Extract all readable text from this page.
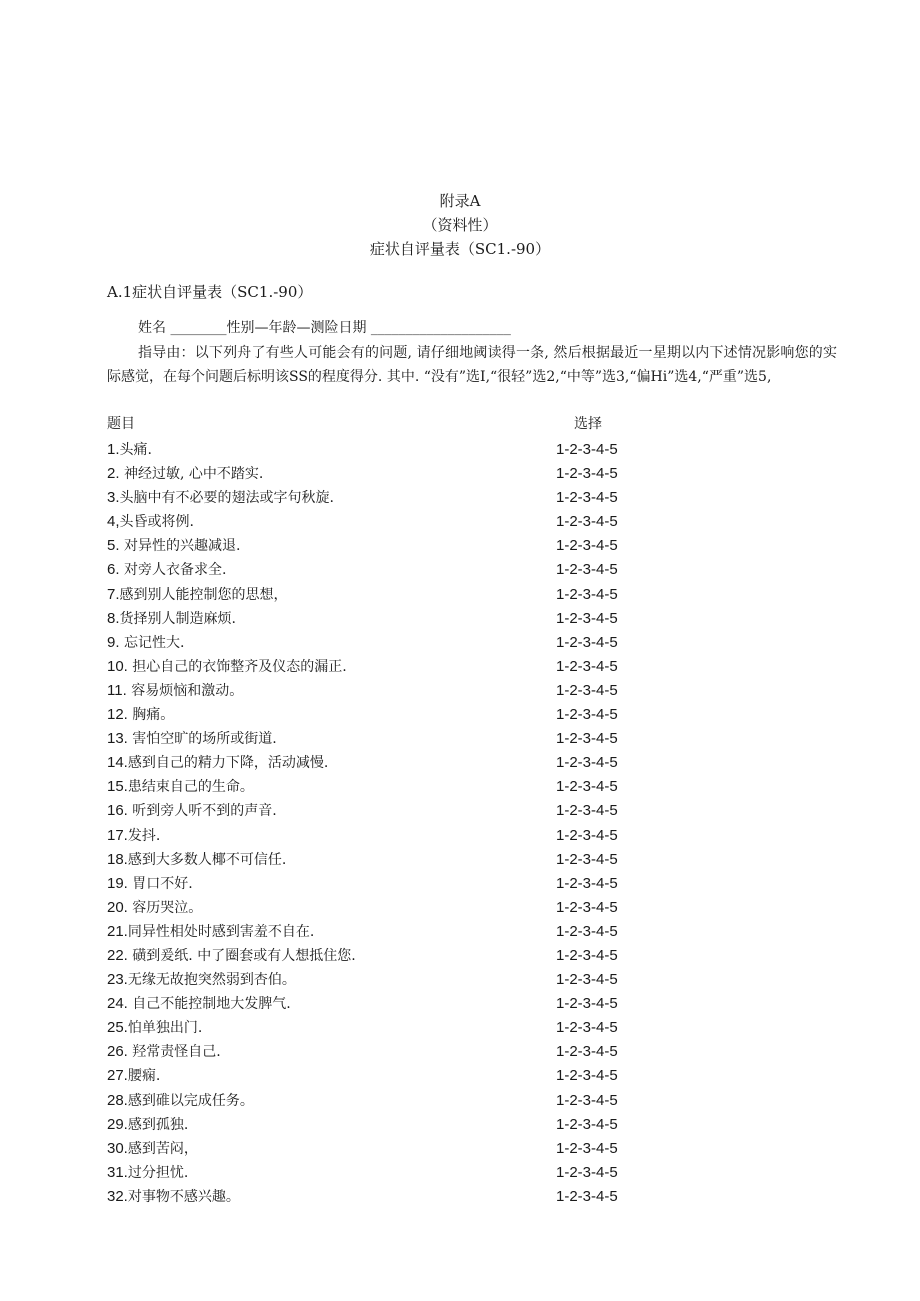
附录A
（资料性）
症状自评量表（SC1.-90）
A.1症状自评量表（SC1.-90）
姓名 ________性别—年龄—测险日期 ____________________
指导由：以下列舟了有些人可能会有的问题, 请仔细地阈读得一条, 然后根据最近一星期以内下述情况影响您的实际感觉，在每个问题后标明该SS的程度得分. 其中. “没有”选I,“很轻”选2,“中等”选3,“偏Hi”选4,“严重”选5,
题目	选择
1.头痛.	1-2-3-4-5
2. 神经过敏, 心中不踏实.	1-2-3-4-5
3.头脑中有不必要的翅法或字句秋旋.	1-2-3-4-5
4,头昏或将例.	1-2-3-4-5
5. 对异性的兴趣减退.	1-2-3-4-5
6. 对旁人衣备求全.	1-2-3-4-5
7.感到别人能控制您的思想，	1-2-3-4-5
8.货择别人制造麻烦.	1-2-3-4-5
9. 忘记性大.	1-2-3-4-5
10. 担心自己的衣饰整齐及仪态的漏正.	1-2-3-4-5
11. 容易烦恼和激动。	1-2-3-4-5
12. 胸痛。	1-2-3-4-5
13. 害怕空旷的场所或街道.	1-2-3-4-5
14.感到自己的精力下降，活动减慢.	1-2-3-4-5
15.患结束自己的生命。	1-2-3-4-5
16. 听到旁人听不到的声音.	1-2-3-4-5
17.发抖.	1-2-3-4-5
18.感到大多数人椰不可信任.	1-2-3-4-5
19. 胃口不好.	1-2-3-4-5
20. 容历哭泣。	1-2-3-4-5
21.同异性相处时感到害羞不自在.	1-2-3-4-5
22. 磺到爰纸. 中了圈套或有人想抵住您.	1-2-3-4-5
23.无缘无故抱突然弱到杏伯。	1-2-3-4-5
24. 自己不能控制地大发脾气.	1-2-3-4-5
25.怕单独出门.	1-2-3-4-5
26. 羟常责怪自己.	1-2-3-4-5
27.腰痫.	1-2-3-4-5
28.感到碓以完成任务。	1-2-3-4-5
29.感到孤独.	1-2-3-4-5
30.感到苦闷，	1-2-3-4-5
31.过分担忧.	1-2-3-4-5
32.对事物不感兴趣。	1-2-3-4-5
